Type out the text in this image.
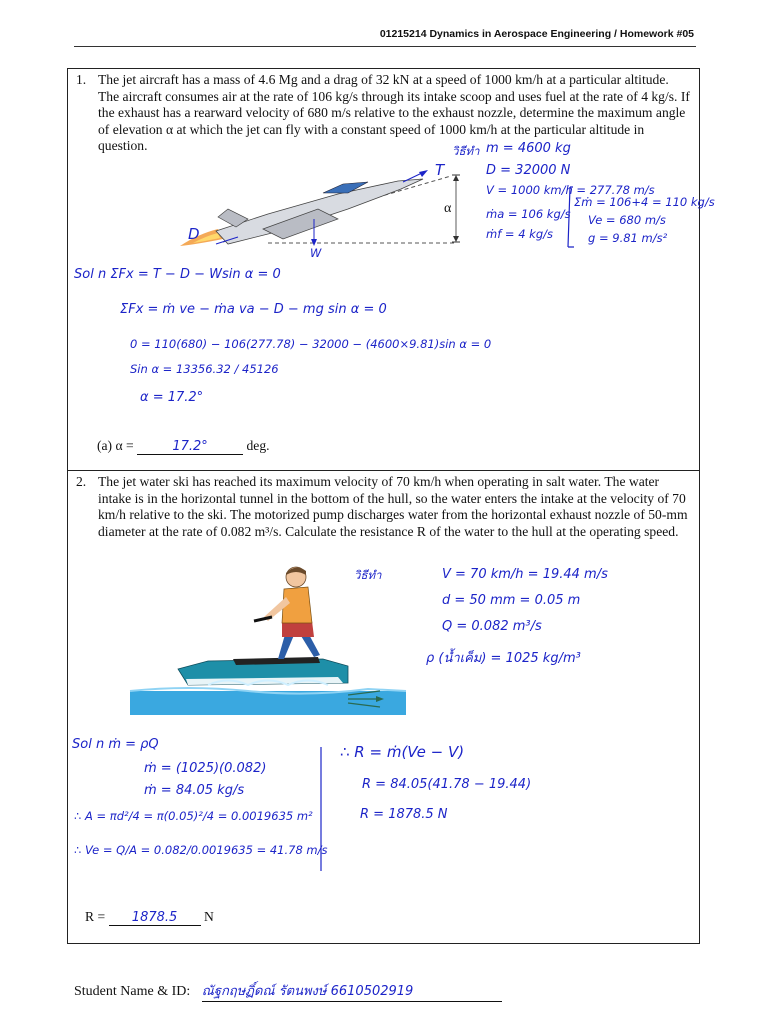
01215214 Dynamics in Aerospace Engineering / Homework #05
1. The jet aircraft has a mass of 4.6 Mg and a drag of 32 kN at a speed of 1000 km/h at a particular altitude. The aircraft consumes air at the rate of 106 kg/s through its intake scoop and uses fuel at the rate of 4 kg/s. If the exhaust has a rearward velocity of 680 m/s relative to the exhaust nozzle, determine the maximum angle of elevation α at which the jet can fly with a constant speed of 1000 km/h at the particular altitude in question.	วิธีทำ m = 4600 kg
D = 32000 N
V = 1000 km/h = 277.78 m/s
ṁa = 106 kg/s
ṁf = 4 kg/s
Σṁ = 106+4 = 110 kg/s
Ve = 680 m/s
g = 9.81 m/s²
T
D
α
W
Sol n ΣFx = T − D − Wsin α = 0
ΣFx = ṁ ve − ṁa va − D − mg sin α = 0
0 = 110(680) − 106(277.78) − 32000 − (4600×9.81)sin α = 0
Sin α = 13356.32 / 45126
α = 17.2°
(a) α =	17.2°	deg.
2. The jet water ski has reached its maximum velocity of 70 km/h when operating in salt water. The water intake is in the horizontal tunnel in the bottom of the hull, so the water enters the intake at the velocity of 70 km/h relative to the ski. The motorized pump discharges water from the horizontal exhaust nozzle of 50-mm diameter at the rate of 0.082 m³/s. Calculate the resistance R of the water to the hull at the operating speed.
วิธีทำ	V = 70 km/h = 19.44 m/s
d = 50 mm = 0.05 m
Q = 0.082 m³/s
ρ (น้ำเค็ม) = 1025 kg/m³
Sol n ṁ = ρQ
ṁ = (1025)(0.082)
ṁ = 84.05 kg/s
∴ A = πd²/4 = π(0.05)²/4 = 0.0019635 m²
∴ Ve = Q/A = 0.082/0.0019635 = 41.78 m/s
∴ R = ṁ(Ve − V)
R = 84.05(41.78 − 19.44)
R = 1878.5 N
R = 1878.5 N
Student Name & ID: ณัฐกฤษฏิ์ดณ์ รัตนพงษ์ 6610502919
